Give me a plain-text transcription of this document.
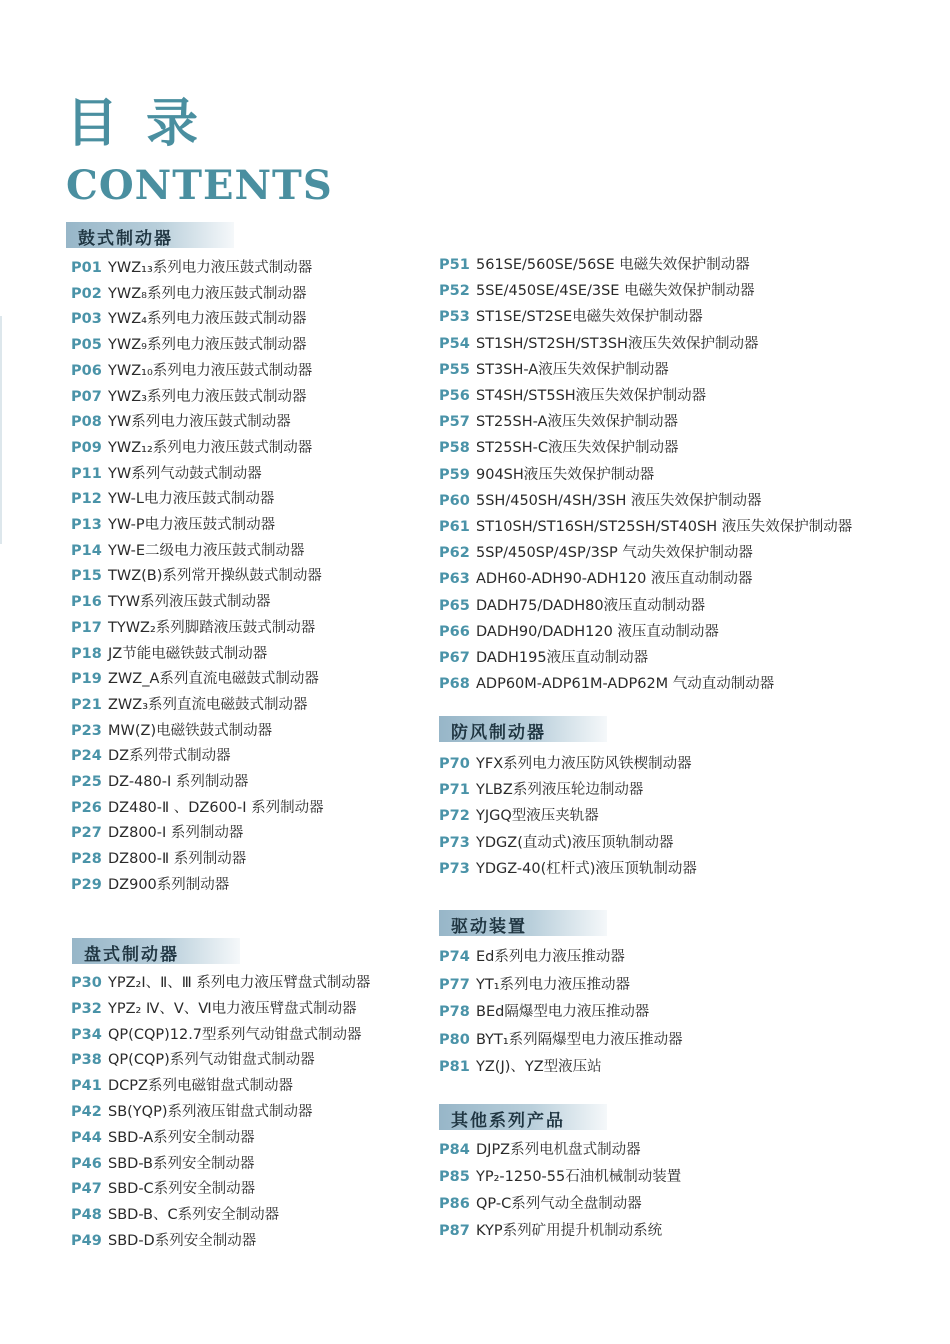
目录
CONTENTS
鼓式制动器
P01 YWZ₁₃系列电力液压鼓式制动器
P02 YWZ₈系列电力液压鼓式制动器
P03 YWZ₄系列电力液压鼓式制动器
P05 YWZ₉系列电力液压鼓式制动器
P06 YWZ₁₀系列电力液压鼓式制动器
P07 YWZ₃系列电力液压鼓式制动器
P08 YW系列电力液压鼓式制动器
P09 YWZ₁₂系列电力液压鼓式制动器
P11 YW系列气动鼓式制动器
P12 YW-L电力液压鼓式制动器
P13 YW-P电力液压鼓式制动器
P14 YW-E二级电力液压鼓式制动器
P15 TWZ(B)系列常开操纵鼓式制动器
P16 TYW系列液压鼓式制动器
P17 TYWZ₂系列脚踏液压鼓式制动器
P18 JZ节能电磁铁鼓式制动器
P19 ZWZ_A系列直流电磁鼓式制动器
P21 ZWZ₃系列直流电磁鼓式制动器
P23 MW(Z)电磁铁鼓式制动器
P24 DZ系列带式制动器
P25 DZ-480-Ⅰ 系列制动器
P26 DZ480-Ⅱ 、DZ600-Ⅰ 系列制动器
P27 DZ800-Ⅰ 系列制动器
P28 DZ800-Ⅱ 系列制动器
P29 DZ900系列制动器
盘式制动器
P30 YPZ₂Ⅰ、Ⅱ、Ⅲ 系列电力液压臂盘式制动器
P32 YPZ₂ Ⅳ、Ⅴ、Ⅵ电力液压臂盘式制动器
P34 QP(CQP)12.7型系列气动钳盘式制动器
P38 QP(CQP)系列气动钳盘式制动器
P41 DCPZ系列电磁钳盘式制动器
P42 SB(YQP)系列液压钳盘式制动器
P44 SBD-A系列安全制动器
P46 SBD-B系列安全制动器
P47 SBD-C系列安全制动器
P48 SBD-B、C系列安全制动器
P49 SBD-D系列安全制动器
P51 561SE/560SE/56SE 电磁失效保护制动器
P52 5SE/450SE/4SE/3SE 电磁失效保护制动器
P53 ST1SE/ST2SE电磁失效保护制动器
P54 ST1SH/ST2SH/ST3SH液压失效保护制动器
P55 ST3SH-A液压失效保护制动器
P56 ST4SH/ST5SH液压失效保护制动器
P57 ST25SH-A液压失效保护制动器
P58 ST25SH-C液压失效保护制动器
P59 904SH液压失效保护制动器
P60 5SH/450SH/4SH/3SH 液压失效保护制动器
P61 ST10SH/ST16SH/ST25SH/ST40SH 液压失效保护制动器
P62 5SP/450SP/4SP/3SP 气动失效保护制动器
P63 ADH60-ADH90-ADH120 液压直动制动器
P65 DADH75/DADH80液压直动制动器
P66 DADH90/DADH120 液压直动制动器
P67 DADH195液压直动制动器
P68 ADP60M-ADP61M-ADP62M 气动直动制动器
防风制动器
P70 YFX系列电力液压防风铁楔制动器
P71 YLBZ系列液压轮边制动器
P72 YJGQ型液压夹轨器
P73 YDGZ(直动式)液压顶轨制动器
P73 YDGZ-40(杠杆式)液压顶轨制动器
驱动装置
P74 Ed系列电力液压推动器
P77 YT₁系列电力液压推动器
P78 BEd隔爆型电力液压推动器
P80 BYT₁系列隔爆型电力液压推动器
P81 YZ(J)、YZ型液压站
其他系列产品
P84 DJPZ系列电机盘式制动器
P85 YP₂-1250-55石油机械制动装置
P86 QP-C系列气动全盘制动器
P87 KYP系列矿用提升机制动系统
